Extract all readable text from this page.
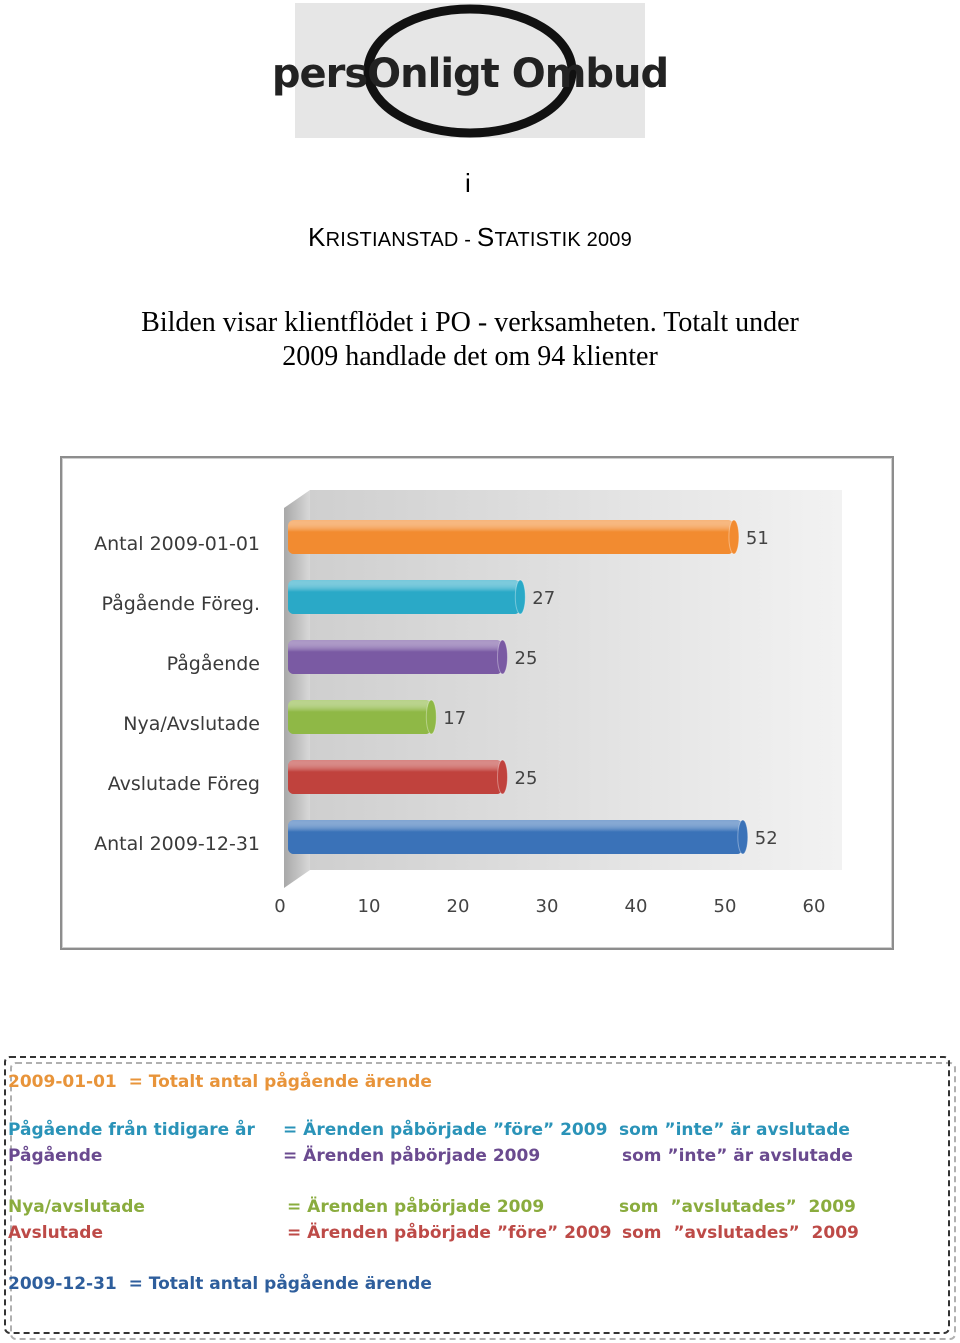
persOnligt Ombud
i
KRISTIANSTAD - STATISTIK 2009
Bilden visar klientflödet i PO - verksamheten. Totalt under
2009 handlade det om 94 klienter
51
Antal 2009-01-01
27
Pågående Föreg.
25
Pågående
17
Nya/Avslutade
25
Avslutade Föreg
52
Antal 2009-12-31
0	10	20	30	40	50	60
2009-01-01 = Totalt antal pågående ärende
Pågående från tidigare år = Ärenden påbörjade ”före” 2009 som ”inte” är avslutade
Pågående	= Ärenden påbörjade 2009	som ”inte” är avslutade
Nya/avslutade	= Ärenden påbörjade 2009	som  ”avslutades”  2009
Avslutade	= Ärenden påbörjade ”före” 2009 som  ”avslutades”  2009
2009-12-31 = Totalt antal pågående ärende
